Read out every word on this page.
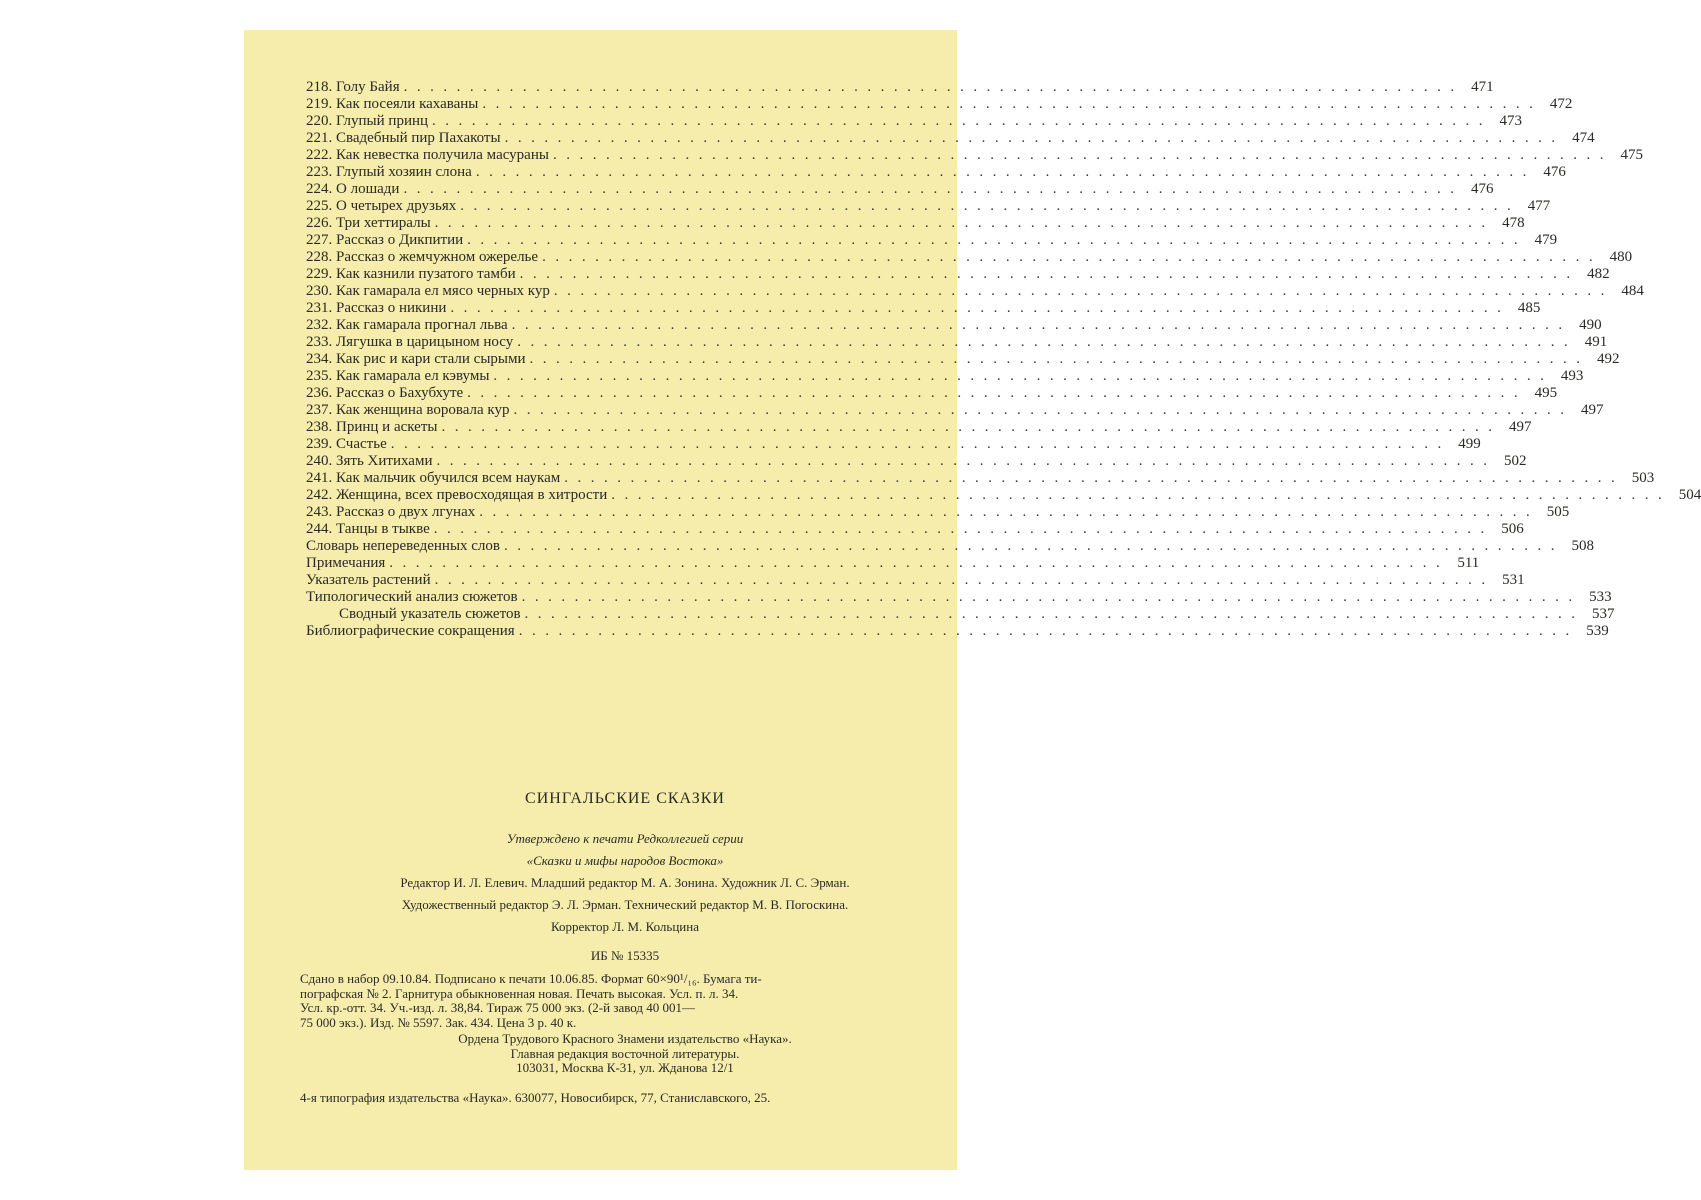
218. Голу Байя ................................................................................ 471
219. Как посеяли кахаваны ................................................................................ 472
220. Глупый принц ................................................................................ 473
221. Свадебный пир Пахакоты ................................................................................ 474
222. Как невестка получила масураны ................................................................................ 475
223. Глупый хозяин слона ................................................................................ 476
224. О лошади ................................................................................ 476
225. О четырех друзьях ................................................................................ 477
226. Три хеттиралы ................................................................................ 478
227. Рассказ о Дикпитии ................................................................................ 479
228. Рассказ о жемчужном ожерелье ................................................................................ 480
229. Как казнили пузатого тамби ................................................................................ 482
230. Как гамарала ел мясо черных кур ................................................................................ 484
231. Рассказ о никини ................................................................................ 485
232. Как гамарала прогнал льва ................................................................................ 490
233. Лягушка в царицыном носу ................................................................................ 491
234. Как рис и кари стали сырыми ................................................................................ 492
235. Как гамарала ел кэвумы ................................................................................ 493
236. Рассказ о Бахубхуте ................................................................................ 495
237. Как женщина воровала кур ................................................................................ 497
238. Принц и аскеты ................................................................................ 497
239. Счастье ................................................................................ 499
240. Зять Хитихами ................................................................................ 502
241. Как мальчик обучился всем наукам ................................................................................ 503
242. Женщина, всех превосходящая в хитрости ................................................................................ 504
243. Рассказ о двух лгунах ................................................................................ 505
244. Танцы в тыкве ................................................................................ 506
Словарь непереведенных слов ................................................................................ 508
Примечания ................................................................................ 511
Указатель растений ................................................................................ 531
Типологический анализ сюжетов ................................................................................ 533
Сводный указатель сюжетов ................................................................................ 537
Библиографические сокращения ................................................................................ 539
СИНГАЛЬСКИЕ СКАЗКИ
Утверждено к печати Редколлегией серии
«Сказки и мифы народов Востока»
Редактор И. Л. Елевич. Младший редактор М. А. Зонина. Художник Л. С. Эрман.
Художественный редактор Э. Л. Эрман. Технический редактор М. В. Погоскина.
Корректор Л. М. Кольцина
ИБ № 15335
Сдано в набор 09.10.84. Подписано к печати 10.06.85. Формат 60×90¹/₁₆. Бумага ти-
пографская № 2. Гарнитура обыкновенная новая. Печать высокая. Усл. п. л. 34.
Усл. кр.-отт. 34. Уч.-изд. л. 38,84. Тираж 75 000 экз. (2-й завод 40 001—
75 000 экз.). Изд. № 5597. Зак. 434. Цена 3 р. 40 к.
Ордена Трудового Красного Знамени издательство «Наука».
Главная редакция восточной литературы.
103031, Москва К-31, ул. Жданова 12/1
4-я типография издательства «Наука». 630077, Новосибирск, 77, Станиславского, 25.
